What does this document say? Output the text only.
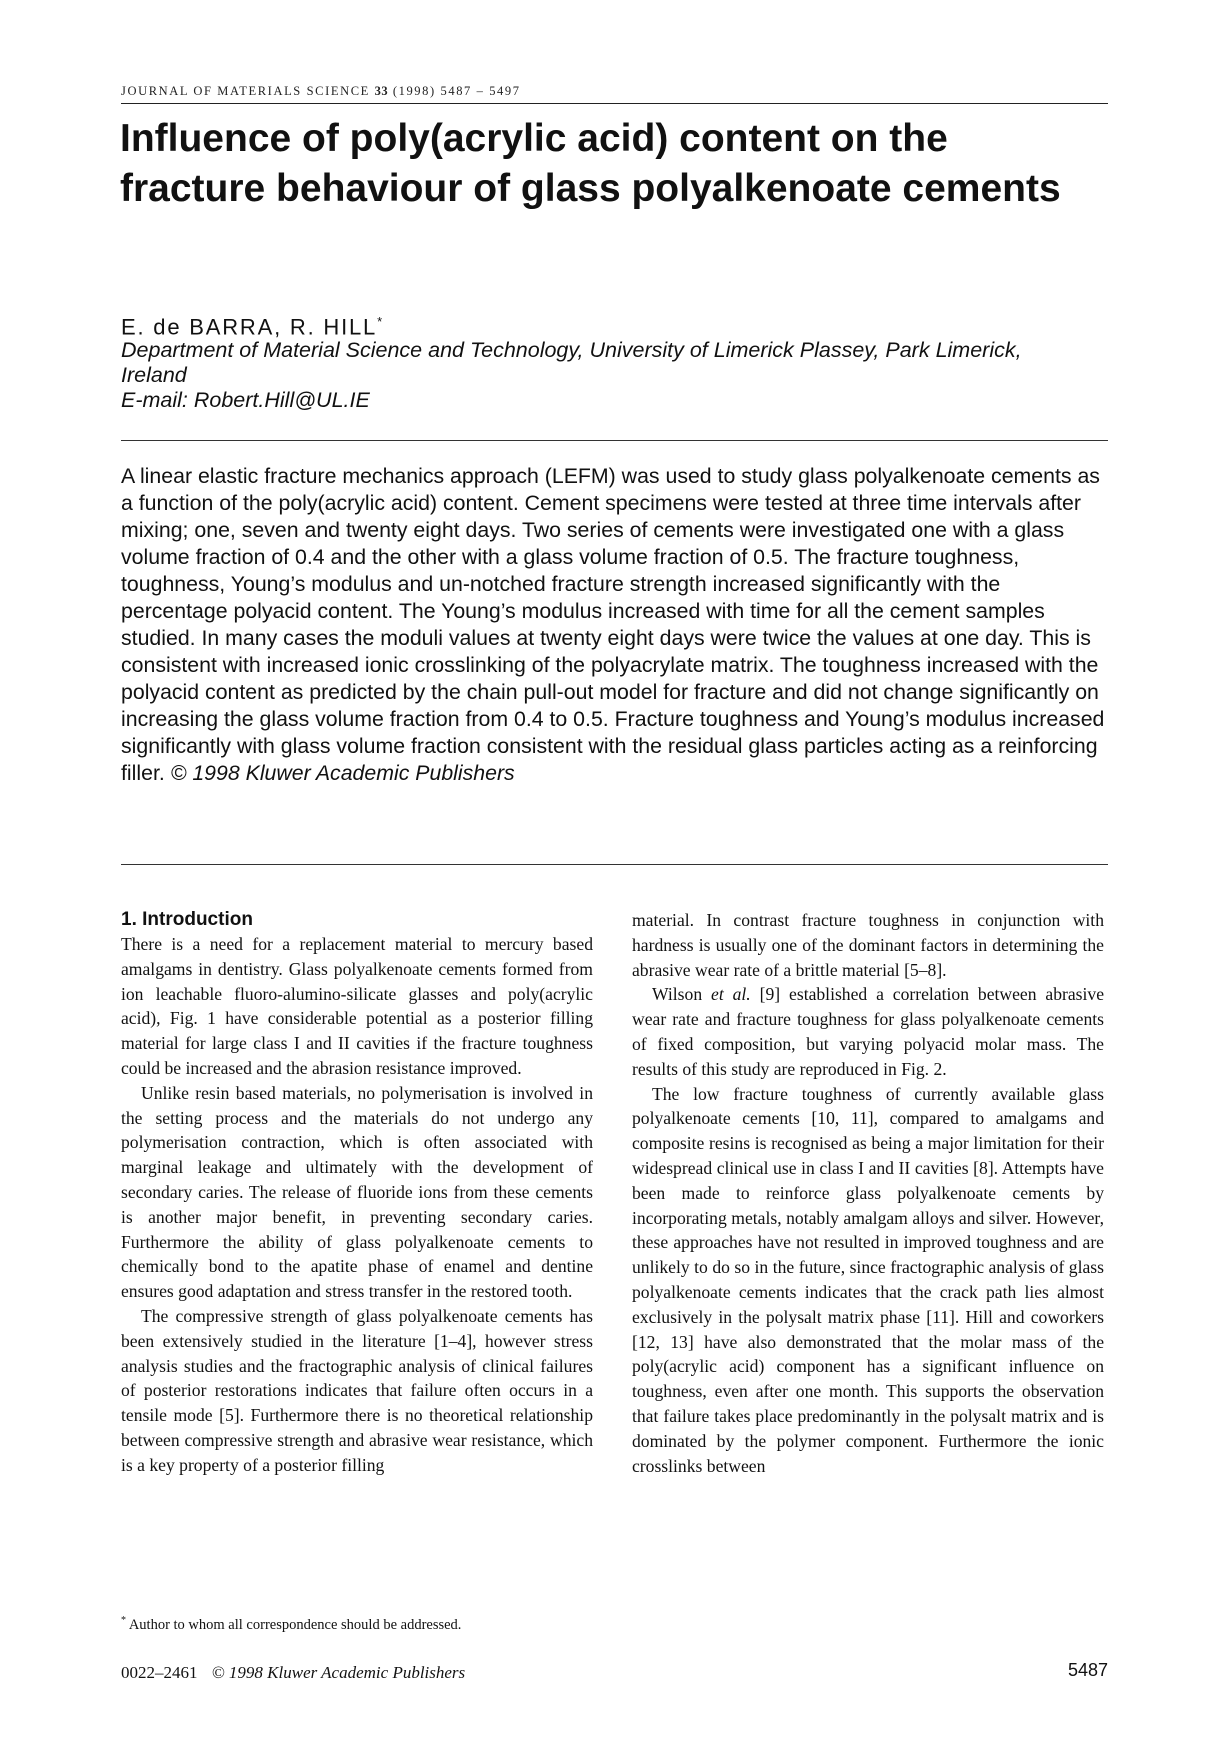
JOURNAL OF MATERIALS SCIENCE 33 (1998) 5487 – 5497
Influence of poly(acrylic acid) content on the fracture behaviour of glass polyalkenoate cements
E. de BARRA, R. HILL*
Department of Material Science and Technology, University of Limerick Plassey, Park Limerick, Ireland
E-mail: Robert.Hill@UL.IE

A linear elastic fracture mechanics approach (LEFM) was used to study glass polyalkenoate cements as a function of the poly(acrylic acid) content. Cement specimens were tested at three time intervals after mixing; one, seven and twenty eight days. Two series of cements were investigated one with a glass volume fraction of 0.4 and the other with a glass volume fraction of 0.5. The fracture toughness, toughness, Young’s modulus and un-notched fracture strength increased significantly with the percentage polyacid content. The Young’s modulus increased with time for all the cement samples studied. In many cases the moduli values at twenty eight days were twice the values at one day. This is consistent with increased ionic crosslinking of the polyacrylate matrix. The toughness increased with the polyacid content as predicted by the chain pull-out model for fracture and did not change significantly on increasing the glass volume fraction from 0.4 to 0.5. Fracture toughness and Young’s modulus increased significantly with glass volume fraction consistent with the residual glass particles acting as a reinforcing filler. © 1998 Kluwer Academic Publishers

1. Introduction

There is a need for a replacement material to mercury based amalgams in dentistry. Glass polyalkenoate cements formed from ion leachable fluoro-alumino-silicate glasses and poly(acrylic acid), Fig. 1 have considerable potential as a posterior filling material for large class I and II cavities if the fracture toughness could be increased and the abrasion resistance improved.

Unlike resin based materials, no polymerisation is involved in the setting process and the materials do not undergo any polymerisation contraction, which is often associated with marginal leakage and ultimately with the development of secondary caries. The release of fluoride ions from these cements is another major benefit, in preventing secondary caries. Furthermore the ability of glass polyalkenoate cements to chemically bond to the apatite phase of enamel and dentine ensures good adaptation and stress transfer in the restored tooth.

The compressive strength of glass polyalkenoate cements has been extensively studied in the literature [1–4], however stress analysis studies and the fractographic analysis of clinical failures of posterior restorations indicates that failure often occurs in a tensile mode [5]. Furthermore there is no theoretical relationship between compressive strength and abrasive wear resistance, which is a key property of a posterior filling

material. In contrast fracture toughness in conjunction with hardness is usually one of the dominant factors in determining the abrasive wear rate of a brittle material [5–8].

Wilson et al. [9] established a correlation between abrasive wear rate and fracture toughness for glass polyalkenoate cements of fixed composition, but varying polyacid molar mass. The results of this study are reproduced in Fig. 2.

The low fracture toughness of currently available glass polyalkenoate cements [10, 11], compared to amalgams and composite resins is recognised as being a major limitation for their widespread clinical use in class I and II cavities [8]. Attempts have been made to reinforce glass polyalkenoate cements by incorporating metals, notably amalgam alloys and silver. However, these approaches have not resulted in improved toughness and are unlikely to do so in the future, since fractographic analysis of glass polyalkenoate cements indicates that the crack path lies almost exclusively in the polysalt matrix phase [11]. Hill and coworkers [12, 13] have also demonstrated that the molar mass of the poly(acrylic acid) component has a significant influence on toughness, even after one month. This supports the observation that failure takes place predominantly in the polysalt matrix and is dominated by the polymer component. Furthermore the ionic crosslinks between

* Author to whom all correspondence should be addressed.
0022–2461 © 1998 Kluwer Academic Publishers	5487
